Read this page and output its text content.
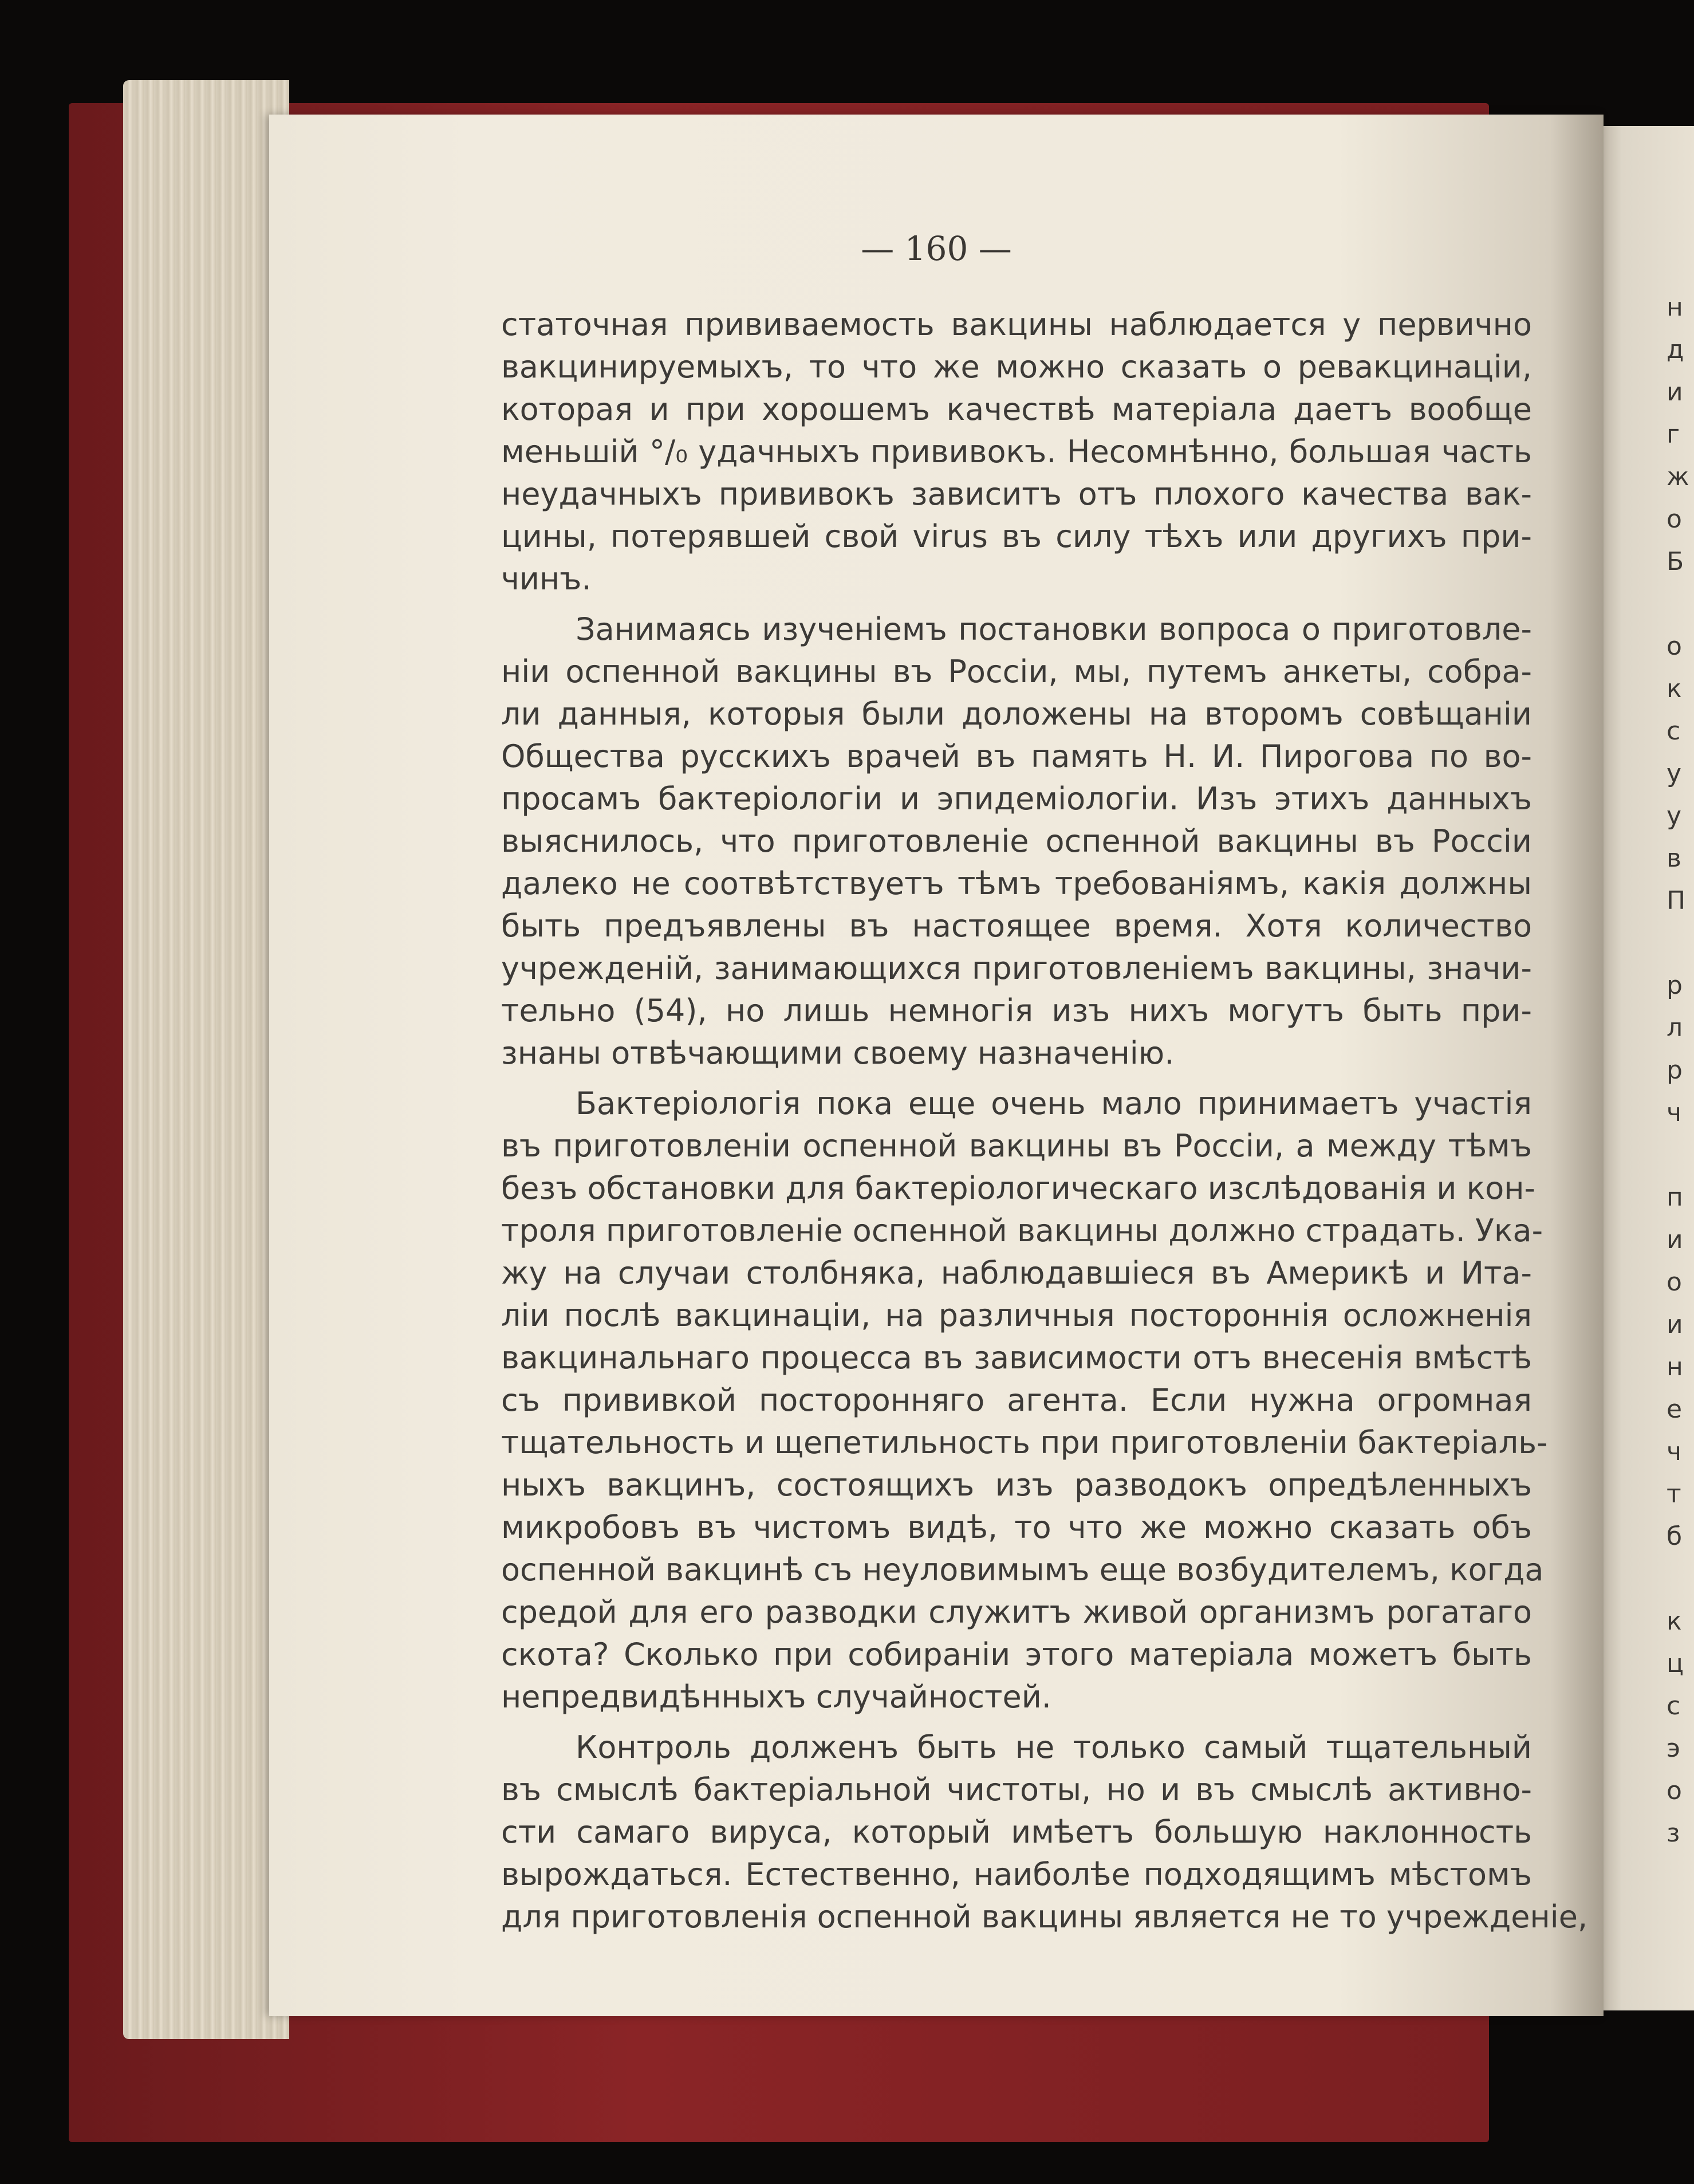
— 160 —
статочная прививаемость вакцины наблюдается у первично
вакцинируемыхъ, то что же можно сказать о ревакцинаціи,
которая и при хорошемъ качествѣ матеріала даетъ вообще
меньшій °/₀ удачныхъ прививокъ. Несомнѣнно, большая часть
неудачныхъ прививокъ зависитъ отъ плохого качества вак-
цины, потерявшей свой virus въ силу тѣхъ или другихъ при-
чинъ.
Занимаясь изученіемъ постановки вопроса о приготовле-
ніи оспенной вакцины въ Россіи, мы, путемъ анкеты, собра-
ли данныя, которыя были доложены на второмъ совѣщаніи
Общества русскихъ врачей въ память Н. И. Пирогова по во-
просамъ бактеріологіи и эпидеміологіи. Изъ этихъ данныхъ
выяснилось, что приготовленіе оспенной вакцины въ Россіи
далеко не соотвѣтствуетъ тѣмъ требованіямъ, какія должны
быть предъявлены въ настоящее время. Хотя количество
учрежденій, занимающихся приготовленіемъ вакцины, значи-
тельно (54), но лишь немногія изъ нихъ могутъ быть при-
знаны отвѣчающими своему назначенію.
Бактеріологія пока еще очень мало принимаетъ участія
въ приготовленіи оспенной вакцины въ Россіи, а между тѣмъ
безъ обстановки для бактеріологическаго изслѣдованія и кон-
троля приготовленіе оспенной вакцины должно страдать. Ука-
жу на случаи столбняка, наблюдавшіеся въ Америкѣ и Ита-
ліи послѣ вакцинаціи, на различныя постороннія осложненія
вакцинальнаго процесса въ зависимости отъ внесенія вмѣстѣ
съ прививкой посторонняго агента. Если нужна огромная
тщательность и щепетильность при приготовленіи бактеріаль-
ныхъ вакцинъ, состоящихъ изъ разводокъ опредѣленныхъ
микробовъ въ чистомъ видѣ, то что же можно сказать объ
оспенной вакцинѣ съ неуловимымъ еще возбудителемъ, когда
средой для его разводки служитъ живой организмъ рогатаго
скота? Сколько при собираніи этого матеріала можетъ быть
непредвидѣнныхъ случайностей.
Контроль долженъ быть не только самый тщательный
въ смыслѣ бактеріальной чистоты, но и въ смыслѣ активно-
сти самаго вируса, который имѣетъ большую наклонность
вырождаться. Естественно, наиболѣе подходящимъ мѣстомъ
для приготовленія оспенной вакцины является не то учрежденіе,
н
д
и
г
ж
о
Б
о
к
с
у
у
в
П
р
л
р
ч
п
и
о
и
н
е
ч
т
б
к
ц
с
э
о
з
